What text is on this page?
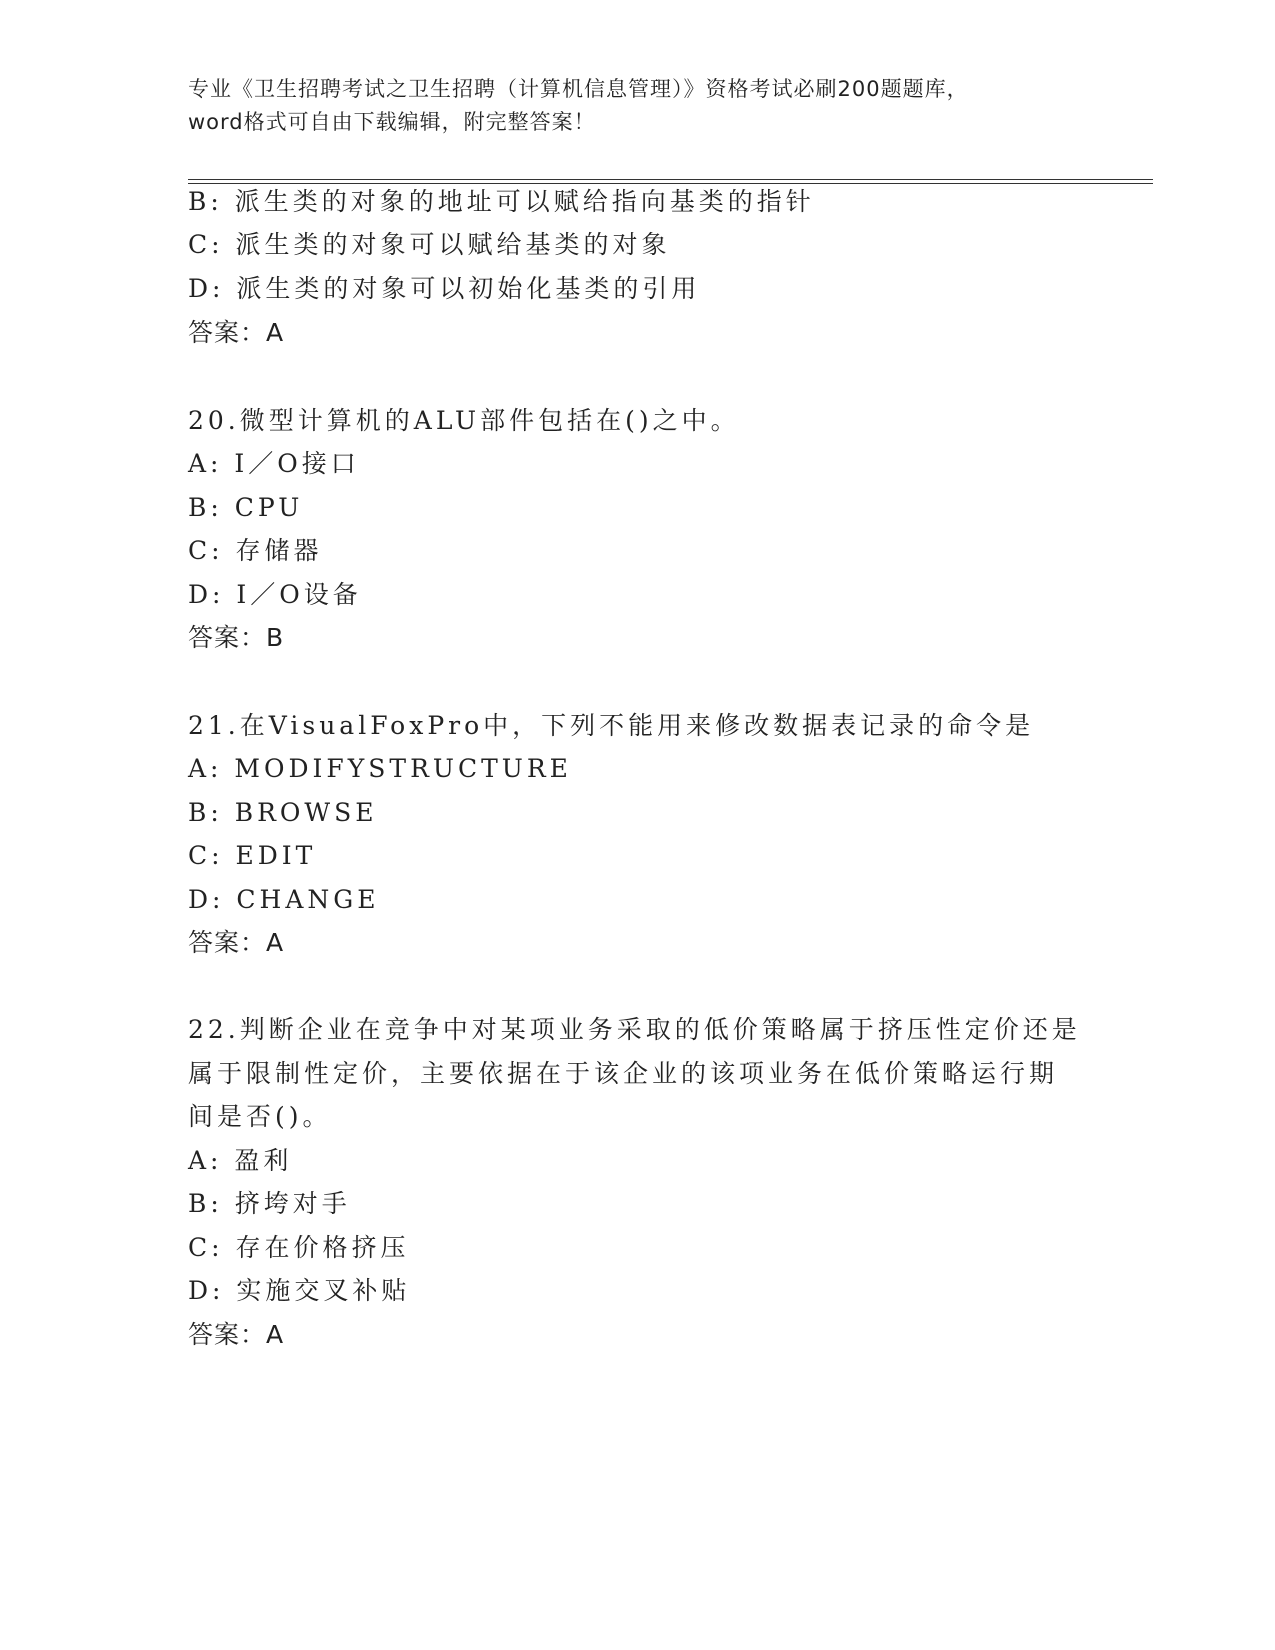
专业《卫生招聘考试之卫生招聘（计算机信息管理）》资格考试必刷200题题库，
word格式可自由下载编辑，附完整答案！
B: 派生类的对象的地址可以赋给指向基类的指针
C: 派生类的对象可以赋给基类的对象
D: 派生类的对象可以初始化基类的引用
答案：A
20.微型计算机的ALU部件包括在()之中。
A: I／O接口
B: CPU
C: 存储器
D: I／O设备
答案：B
21.在VisualFoxPro中，下列不能用来修改数据表记录的命令是
A: MODIFYSTRUCTURE
B: BROWSE
C: EDIT
D: CHANGE
答案：A
22.判断企业在竞争中对某项业务采取的低价策略属于挤压性定价还是
属于限制性定价，主要依据在于该企业的该项业务在低价策略运行期
间是否()。
A: 盈利
B: 挤垮对手
C: 存在价格挤压
D: 实施交叉补贴
答案：A
